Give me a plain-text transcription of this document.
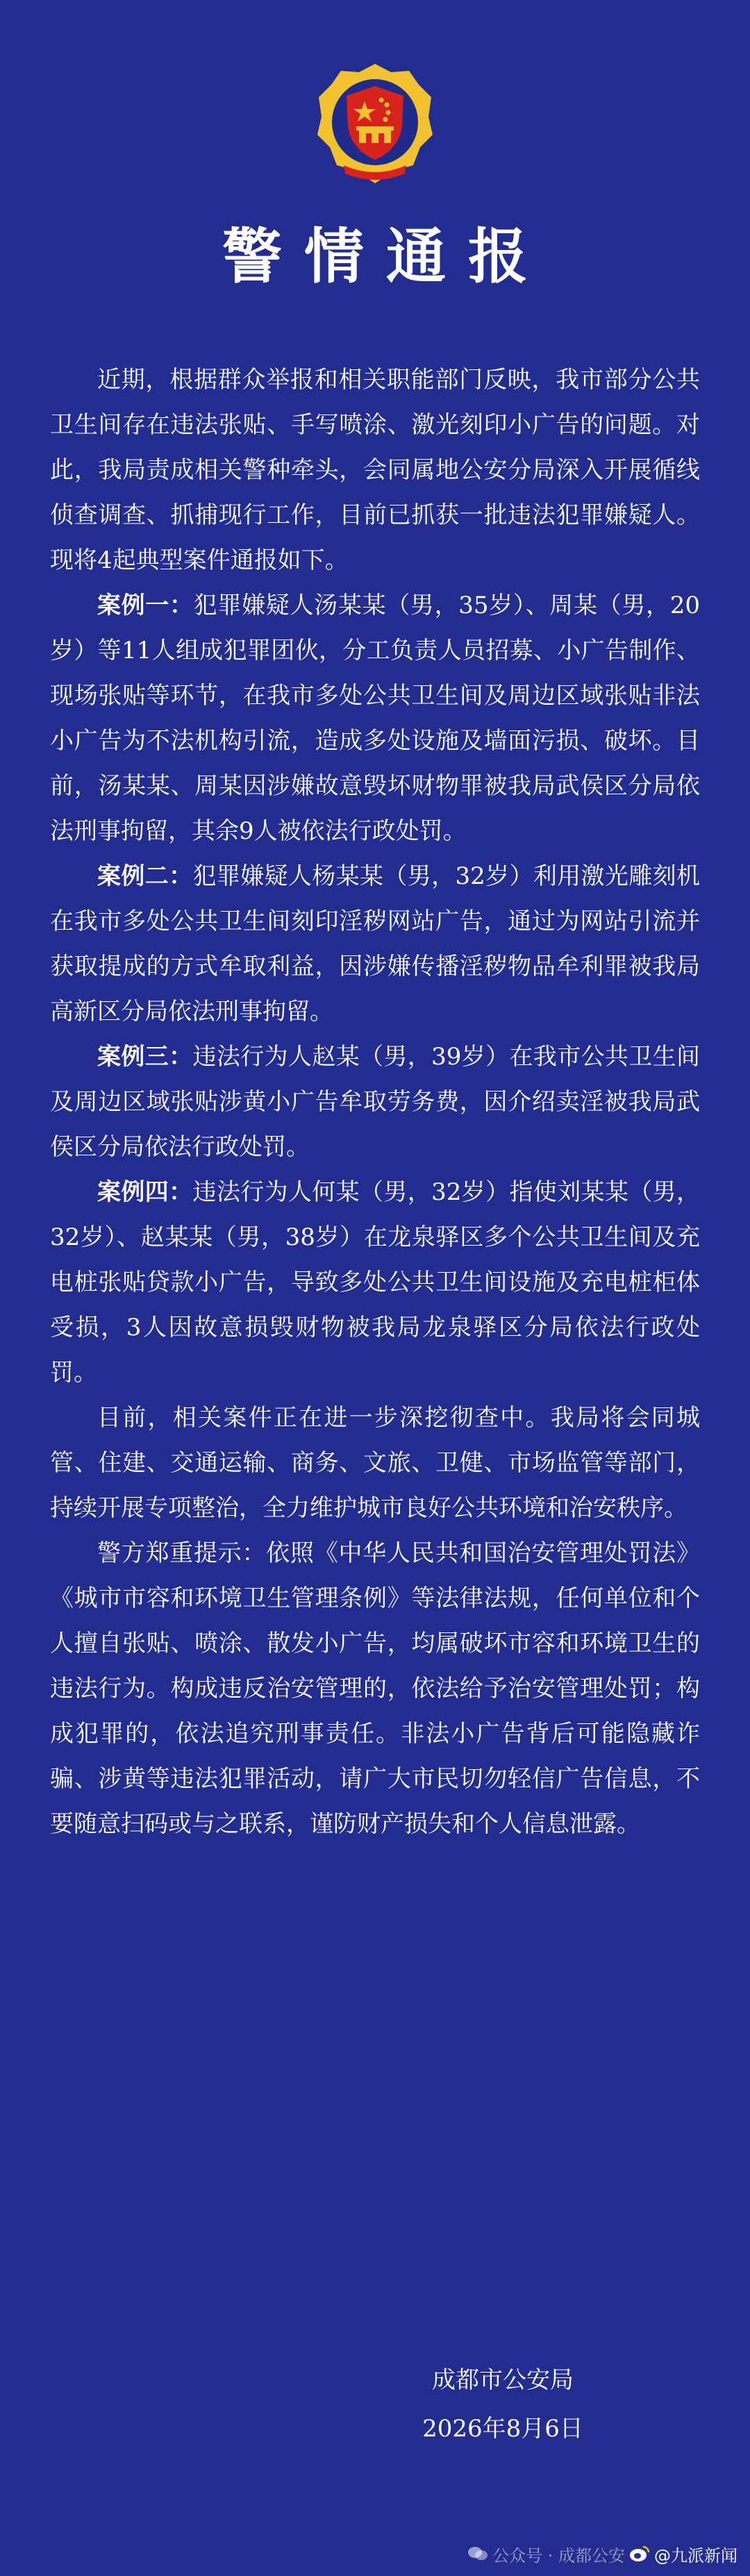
警情通报

近期，根据群众举报和相关职能部门反映，我市部分公共卫生间存在违法张贴、手写喷涂、激光刻印小广告的问题。对此，我局责成相关警种牵头，会同属地公安分局深入开展循线侦查调查、抓捕现行工作，目前已抓获一批违法犯罪嫌疑人。现将4起典型案件通报如下。

案例一：犯罪嫌疑人汤某某（男，35岁）、周某（男，20岁）等11人组成犯罪团伙，分工负责人员招募、小广告制作、现场张贴等环节，在我市多处公共卫生间及周边区域张贴非法小广告为不法机构引流，造成多处设施及墙面污损、破坏。目前，汤某某、周某因涉嫌故意毁坏财物罪被我局武侯区分局依法刑事拘留，其余9人被依法行政处罚。

案例二：犯罪嫌疑人杨某某（男，32岁）利用激光雕刻机在我市多处公共卫生间刻印淫秽网站广告，通过为网站引流并获取提成的方式牟取利益，因涉嫌传播淫秽物品牟利罪被我局高新区分局依法刑事拘留。

案例三：违法行为人赵某（男，39岁）在我市公共卫生间及周边区域张贴涉黄小广告牟取劳务费，因介绍卖淫被我局武侯区分局依法行政处罚。

案例四：违法行为人何某（男，32岁）指使刘某某（男，32岁）、赵某某（男，38岁）在龙泉驿区多个公共卫生间及充电桩张贴贷款小广告，导致多处公共卫生间设施及充电桩柜体受损，3人因故意损毁财物被我局龙泉驿区分局依法行政处罚。

目前，相关案件正在进一步深挖彻查中。我局将会同城管、住建、交通运输、商务、文旅、卫健、市场监管等部门，持续开展专项整治，全力维护城市良好公共环境和治安秩序。

警方郑重提示：依照《中华人民共和国治安管理处罚法》《城市市容和环境卫生管理条例》等法律法规，任何单位和个人擅自张贴、喷涂、散发小广告，均属破坏市容和环境卫生的违法行为。构成违反治安管理的，依法给予治安管理处罚；构成犯罪的，依法追究刑事责任。非法小广告背后可能隐藏诈骗、涉黄等违法犯罪活动，请广大市民切勿轻信广告信息，不要随意扫码或与之联系，谨防财产损失和个人信息泄露。

成都市公安局
2026年8月6日
公众号 · 成都公安 @九派新闻
